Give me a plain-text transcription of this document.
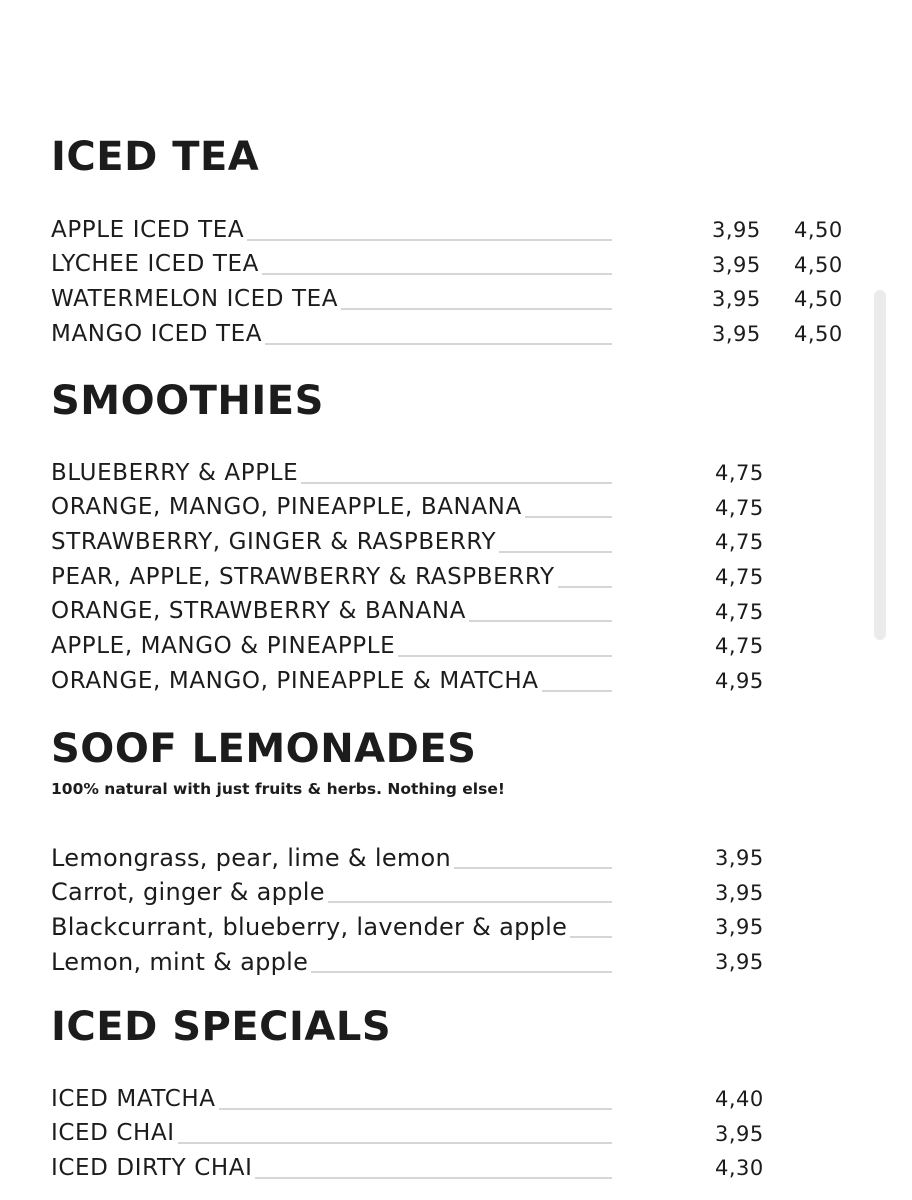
ICED TEA
APPLE ICED TEA	3,95 4,50
LYCHEE ICED TEA	3,95 4,50
WATERMELON ICED TEA	3,95 4,50
MANGO ICED TEA	3,95 4,50
SMOOTHIES
BLUEBERRY & APPLE	4,75
ORANGE, MANGO, PINEAPPLE, BANANA	4,75
STRAWBERRY, GINGER & RASPBERRY	4,75
PEAR, APPLE, STRAWBERRY & RASPBERRY	4,75
ORANGE, STRAWBERRY & BANANA	4,75
APPLE, MANGO & PINEAPPLE	4,75
ORANGE, MANGO, PINEAPPLE & MATCHA	4,95
SOOF LEMONADES

100% natural with just fruits & herbs. Nothing else!

Lemongrass, pear, lime & lemon	3,95
Carrot, ginger & apple	3,95
Blackcurrant, blueberry, lavender & apple	3,95
Lemon, mint & apple	3,95
ICED SPECIALS
ICED MATCHA	4,40
ICED CHAI	3,95
ICED DIRTY CHAI	4,30
